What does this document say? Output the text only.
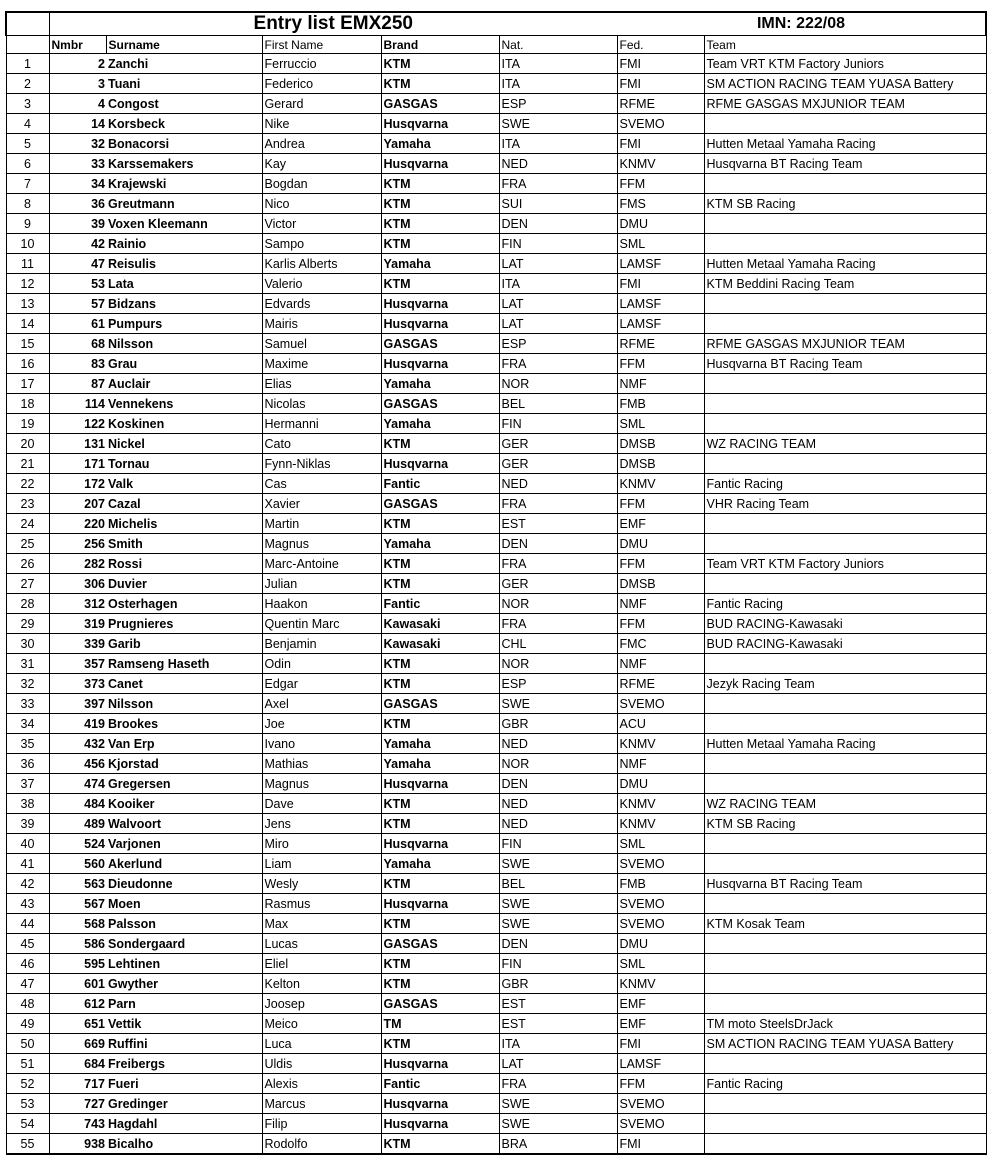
	Entry list EMX250					IMN: 222/08	
	Nmbr	Surname	First Name	Brand	Nat.	Fed.	Team
1	2	Zanchi	Ferruccio	KTM	ITA	FMI	Team VRT KTM Factory Juniors
2	3	Tuani	Federico	KTM	ITA	FMI	SM ACTION RACING TEAM YUASA Battery
3	4	Congost	Gerard	GASGAS	ESP	RFME	RFME GASGAS MXJUNIOR TEAM
4	14	Korsbeck	Nike	Husqvarna	SWE	SVEMO	
5	32	Bonacorsi	Andrea	Yamaha	ITA	FMI	Hutten Metaal Yamaha Racing
6	33	Karssemakers	Kay	Husqvarna	NED	KNMV	Husqvarna BT Racing Team
7	34	Krajewski	Bogdan	KTM	FRA	FFM	
8	36	Greutmann	Nico	KTM	SUI	FMS	KTM SB Racing
9	39	Voxen Kleemann	Victor	KTM	DEN	DMU	
10	42	Rainio	Sampo	KTM	FIN	SML	
11	47	Reisulis	Karlis Alberts	Yamaha	LAT	LAMSF	Hutten Metaal Yamaha Racing
12	53	Lata	Valerio	KTM	ITA	FMI	KTM Beddini Racing Team
13	57	Bidzans	Edvards	Husqvarna	LAT	LAMSF	
14	61	Pumpurs	Mairis	Husqvarna	LAT	LAMSF	
15	68	Nilsson	Samuel	GASGAS	ESP	RFME	RFME GASGAS MXJUNIOR TEAM
16	83	Grau	Maxime	Husqvarna	FRA	FFM	Husqvarna BT Racing Team
17	87	Auclair	Elias	Yamaha	NOR	NMF	
18	114	Vennekens	Nicolas	GASGAS	BEL	FMB	
19	122	Koskinen	Hermanni	Yamaha	FIN	SML	
20	131	Nickel	Cato	KTM	GER	DMSB	WZ RACING TEAM
21	171	Tornau	Fynn-Niklas	Husqvarna	GER	DMSB	
22	172	Valk	Cas	Fantic	NED	KNMV	Fantic Racing
23	207	Cazal	Xavier	GASGAS	FRA	FFM	VHR Racing Team
24	220	Michelis	Martin	KTM	EST	EMF	
25	256	Smith	Magnus	Yamaha	DEN	DMU	
26	282	Rossi	Marc-Antoine	KTM	FRA	FFM	Team VRT KTM Factory Juniors
27	306	Duvier	Julian	KTM	GER	DMSB	
28	312	Osterhagen	Haakon	Fantic	NOR	NMF	Fantic Racing
29	319	Prugnieres	Quentin Marc	Kawasaki	FRA	FFM	BUD RACING-Kawasaki
30	339	Garib	Benjamin	Kawasaki	CHL	FMC	BUD RACING-Kawasaki
31	357	Ramseng Haseth	Odin	KTM	NOR	NMF	
32	373	Canet	Edgar	KTM	ESP	RFME	Jezyk Racing Team
33	397	Nilsson	Axel	GASGAS	SWE	SVEMO	
34	419	Brookes	Joe	KTM	GBR	ACU	
35	432	Van Erp	Ivano	Yamaha	NED	KNMV	Hutten Metaal Yamaha Racing
36	456	Kjorstad	Mathias	Yamaha	NOR	NMF	
37	474	Gregersen	Magnus	Husqvarna	DEN	DMU	
38	484	Kooiker	Dave	KTM	NED	KNMV	WZ RACING TEAM
39	489	Walvoort	Jens	KTM	NED	KNMV	KTM SB Racing
40	524	Varjonen	Miro	Husqvarna	FIN	SML	
41	560	Akerlund	Liam	Yamaha	SWE	SVEMO	
42	563	Dieudonne	Wesly	KTM	BEL	FMB	Husqvarna BT Racing Team
43	567	Moen	Rasmus	Husqvarna	SWE	SVEMO	
44	568	Palsson	Max	KTM	SWE	SVEMO	KTM Kosak Team
45	586	Sondergaard	Lucas	GASGAS	DEN	DMU	
46	595	Lehtinen	Eliel	KTM	FIN	SML	
47	601	Gwyther	Kelton	KTM	GBR	KNMV	
48	612	Parn	Joosep	GASGAS	EST	EMF	
49	651	Vettik	Meico	TM	EST	EMF	TM moto SteelsDrJack
50	669	Ruffini	Luca	KTM	ITA	FMI	SM ACTION RACING TEAM YUASA Battery
51	684	Freibergs	Uldis	Husqvarna	LAT	LAMSF	
52	717	Fueri	Alexis	Fantic	FRA	FFM	Fantic Racing
53	727	Gredinger	Marcus	Husqvarna	SWE	SVEMO	
54	743	Hagdahl	Filip	Husqvarna	SWE	SVEMO	
55	938	Bicalho	Rodolfo	KTM	BRA	FMI	
